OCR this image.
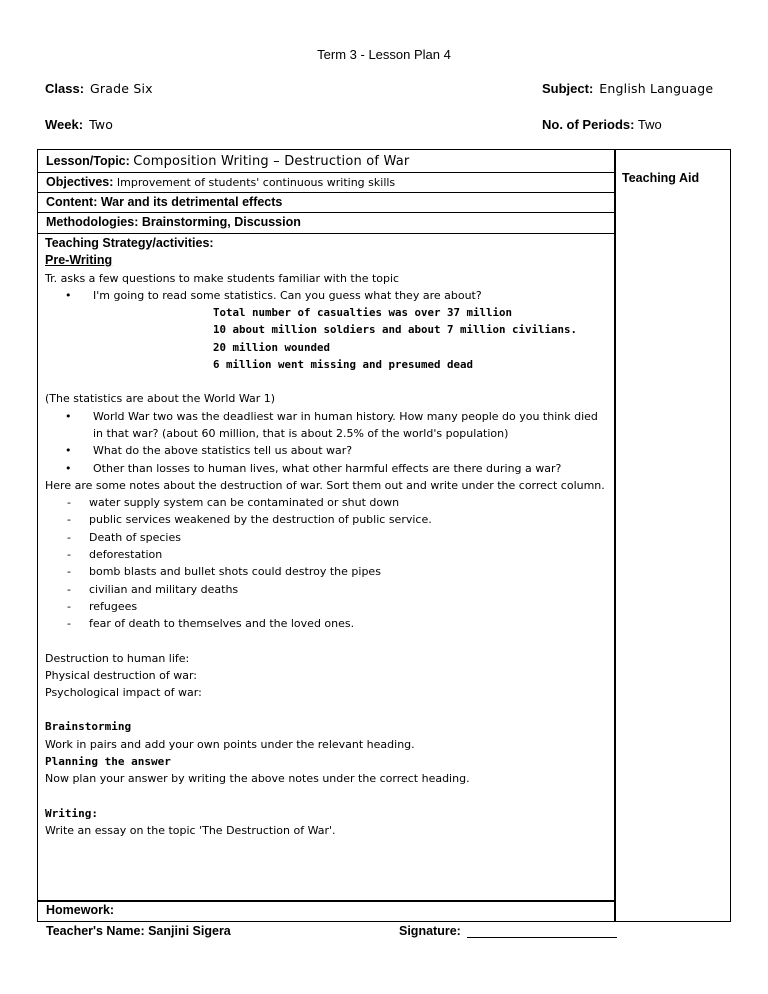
Term 3 - Lesson Plan 4
Class: Grade Six	Subject: English Language
Week: Two	No. of Periods: Two
Lesson/Topic: Composition Writing – Destruction of War
Objectives: Improvement of students' continuous writing skills
Content: War and its detrimental effects
Methodologies: Brainstorming, Discussion
Teaching Aid
Teaching Strategy/activities:
Pre-Writing
Tr. asks a few questions to make students familiar with the topic
• I'm going to read some statistics. Can you guess what they are about?
Total number of casualties was over 37 million
10 about million soldiers and about 7 million civilians.
20 million wounded
6 million went missing and presumed dead
(The statistics are about the World War 1)
• World War two was the deadliest war in human history. How many people do you think died in that war? (about 60 million, that is about 2.5% of the world's population)
• What do the above statistics tell us about war?
• Other than losses to human lives, what other harmful effects are there during a war?
Here are some notes about the destruction of war. Sort them out and write under the correct column.
- water supply system can be contaminated or shut down
- public services weakened by the destruction of public service.
- Death of species
- deforestation
- bomb blasts and bullet shots could destroy the pipes
- civilian and military deaths
- refugees
- fear of death to themselves and the loved ones.
Destruction to human life:
Physical destruction of war:
Psychological impact of war:
Brainstorming
Work in pairs and add your own points under the relevant heading.
Planning the answer
Now plan your answer by writing the above notes under the correct heading.
Writing:
Write an essay on the topic 'The Destruction of War'.
Homework:
Teacher's Name: Sanjini Sigera	Signature:
